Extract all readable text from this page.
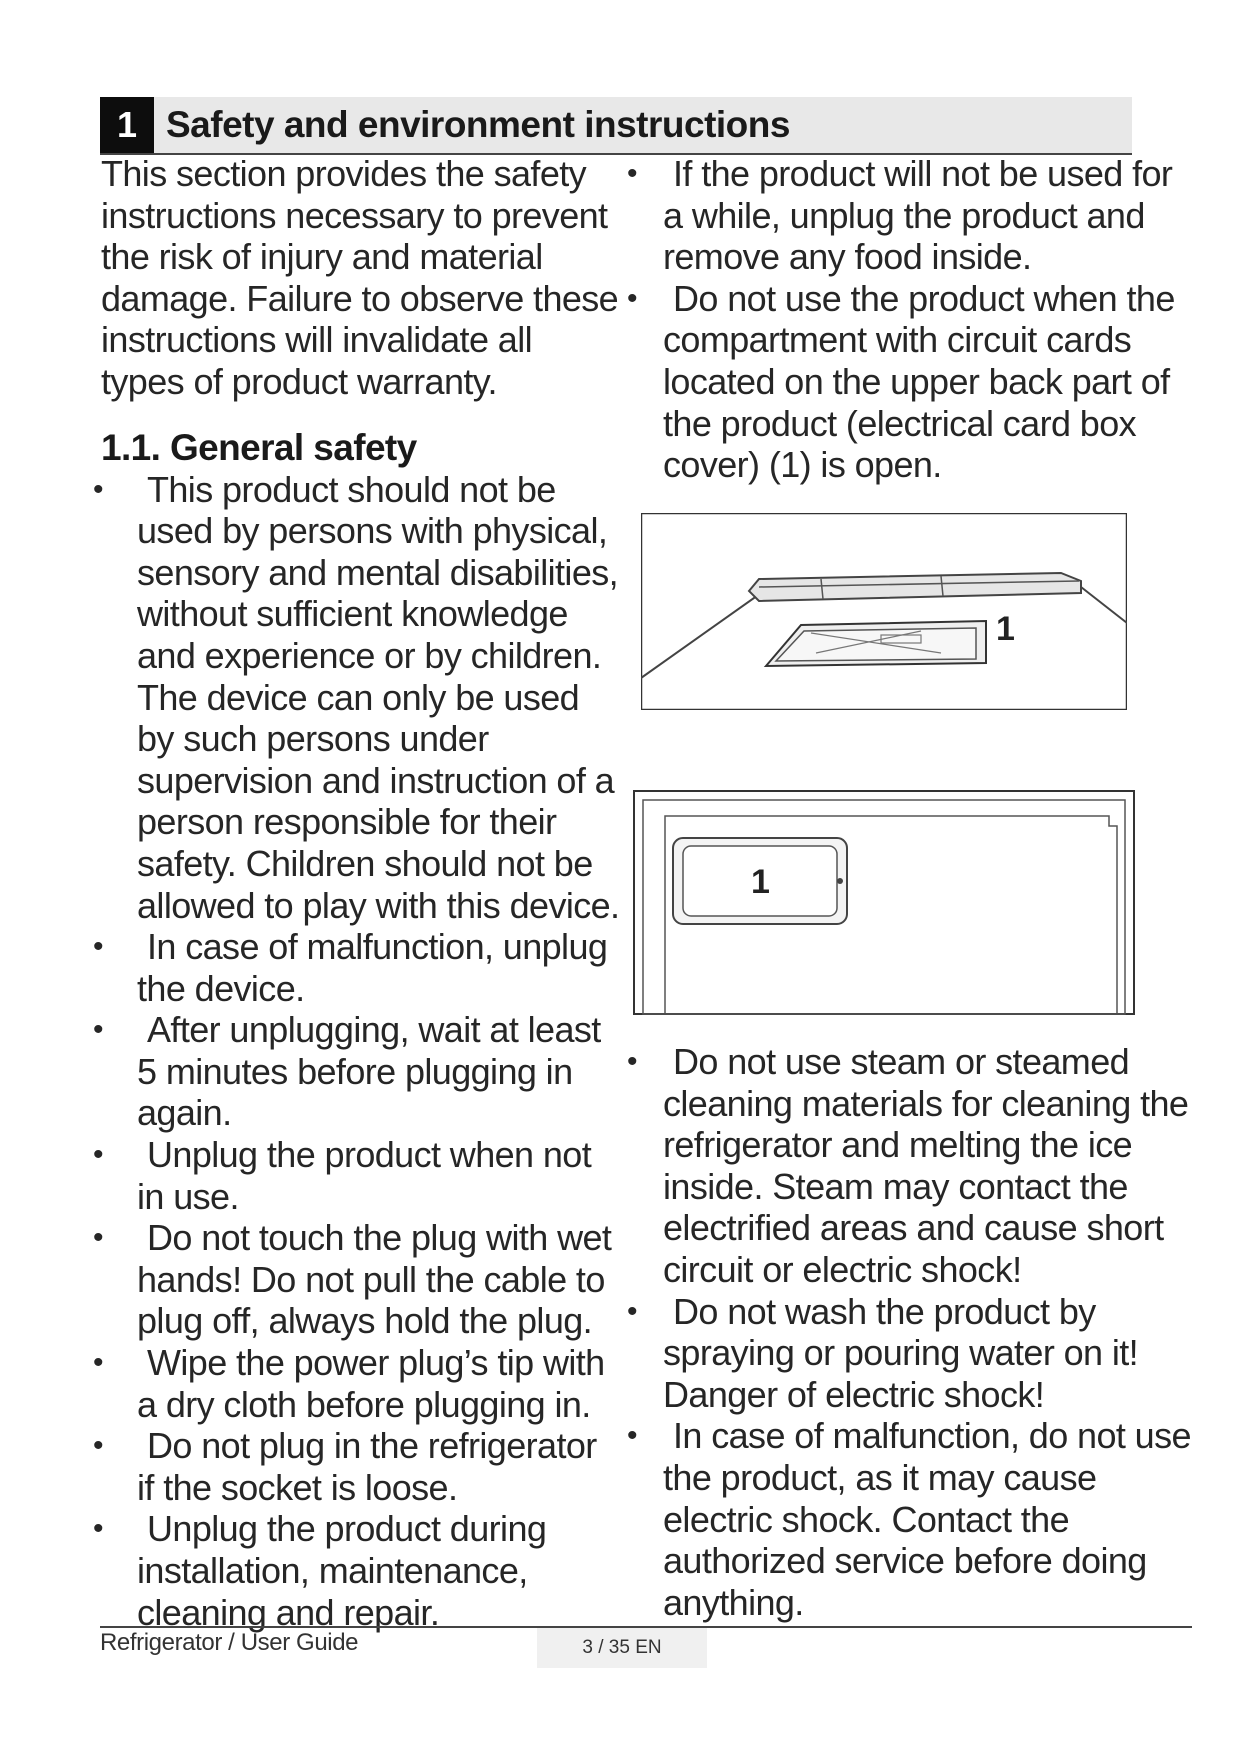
1 Safety and environment instructions

This section provides the safety instructions necessary to prevent the risk of injury and material damage. Failure to observe these instructions will invalidate all types of product warranty.

1.1. General safety
• This product should not be used by persons with physical, sensory and mental disabilities, without sufficient knowledge and experience or by children. The device can only be used by such persons under supervision and instruction of a person responsible for their safety. Children should not be allowed to play with this device.
• In case of malfunction, unplug the device.
• After unplugging, wait at least 5 minutes before plugging in again.
• Unplug the product when not in use.
• Do not touch the plug with wet hands! Do not pull the cable to plug off, always hold the plug.
• Wipe the power plug’s tip with a dry cloth before plugging in.
• Do not plug in the refrigerator if the socket is loose.
• Unplug the product during installation, maintenance, cleaning and repair.
• If the product will not be used for a while, unplug the product and remove any food inside.
• Do not use the product when the compartment with circuit cards located on the upper back part of the product (electrical card box cover) (1) is open.
1
1
• Do not use steam or steamed cleaning materials for cleaning the refrigerator and melting the ice inside. Steam may contact the electrified areas and cause short circuit or electric shock!
• Do not wash the product by spraying or pouring water on it! Danger of electric shock!
• In case of malfunction, do not use the product, as it may cause electric shock. Contact the authorized service before doing anything.
Refrigerator / User Guide	3 / 35 EN
